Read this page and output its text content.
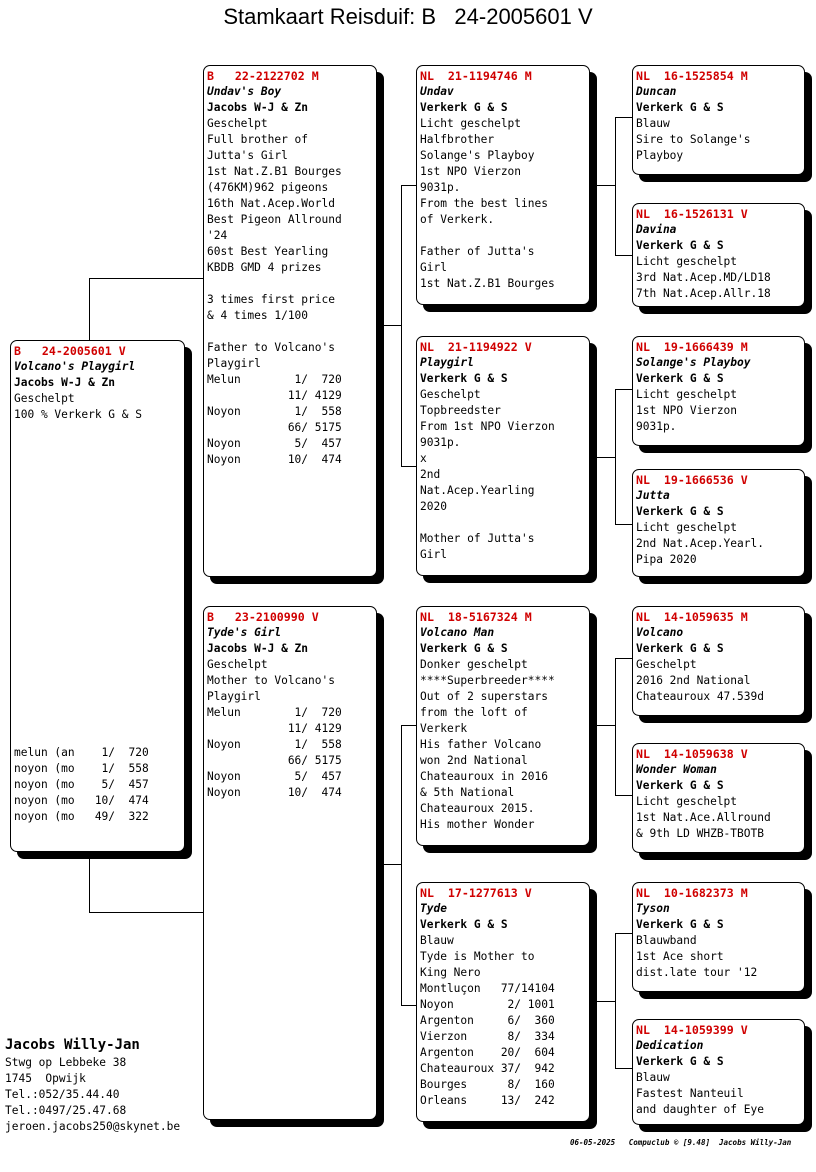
Stamkaart Reisduif: B   24-2005601 V
B   24-2005601 V
Volcano's Playgirl
Jacobs W-J & Zn
Geschelpt
100 % Verkerk G & S
melun (an    1/  720
noyon (mo    1/  558
noyon (mo    5/  457
noyon (mo   10/  474
noyon (mo   49/  322
B   22-2122702 M
Undav's Boy
Jacobs W-J & Zn
Geschelpt
Full brother of
Jutta's Girl
1st Nat.Z.B1 Bourges
(476KM)962 pigeons
16th Nat.Acep.World
Best Pigeon Allround
'24
60st Best Yearling
KBDB GMD 4 prizes
3 times first price
& 4 times 1/100
Father to Volcano's
Playgirl
Melun        1/  720
11/ 4129
Noyon        1/  558
66/ 5175
Noyon        5/  457
Noyon       10/  474
B   23-2100990 V
Tyde's Girl
Jacobs W-J & Zn
Geschelpt
Mother to Volcano's
Playgirl
Melun        1/  720
11/ 4129
Noyon        1/  558
66/ 5175
Noyon        5/  457
Noyon       10/  474
NL  21-1194746 M
Undav
Verkerk G & S
Licht geschelpt
Halfbrother
Solange's Playboy
1st NPO Vierzon
9031p.
From the best lines
of Verkerk.
Father of Jutta's
Girl
1st Nat.Z.B1 Bourges
NL  21-1194922 V
Playgirl
Verkerk G & S
Geschelpt
Topbreedster
From 1st NPO Vierzon
9031p.
x
2nd
Nat.Acep.Yearling
2020
Mother of Jutta's
Girl
NL  18-5167324 M
Volcano Man
Verkerk G & S
Donker geschelpt
****Superbreeder****
Out of 2 superstars
from the loft of
Verkerk
His father Volcano
won 2nd National
Chateauroux in 2016
& 5th National
Chateauroux 2015.
His mother Wonder
NL  17-1277613 V
Tyde
Verkerk G & S
Blauw
Tyde is Mother to
King Nero
Montluçon   77/14104
Noyon        2/ 1001
Argenton     6/  360
Vierzon      8/  334
Argenton    20/  604
Chateauroux 37/  942
Bourges      8/  160
Orleans     13/  242
NL  16-1525854 M
Duncan
Verkerk G & S
Blauw
Sire to Solange's
Playboy
NL  16-1526131 V
Davina
Verkerk G & S
Licht geschelpt
3rd Nat.Acep.MD/LD18
7th Nat.Acep.Allr.18
NL  19-1666439 M
Solange's Playboy
Verkerk G & S
Licht geschelpt
1st NPO Vierzon
9031p.
NL  19-1666536 V
Jutta
Verkerk G & S
Licht geschelpt
2nd Nat.Acep.Yearl.
Pipa 2020
NL  14-1059635 M
Volcano
Verkerk G & S
Geschelpt
2016 2nd National
Chateauroux 47.539d
NL  14-1059638 V
Wonder Woman
Verkerk G & S
Licht geschelpt
1st Nat.Ace.Allround
& 9th LD WHZB-TBOTB
NL  10-1682373 M
Tyson
Verkerk G & S
Blauwband
1st Ace short
dist.late tour '12
NL  14-1059399 V
Dedication
Verkerk G & S
Blauw
Fastest Nanteuil
and daughter of Eye
Jacobs Willy-Jan
Stwg op Lebbeke 38
1745  Opwijk
Tel.:052/35.44.40
Tel.:0497/25.47.68
jeroen.jacobs250@skynet.be
06-05-2025   Compuclub © [9.48]  Jacobs Willy-Jan
